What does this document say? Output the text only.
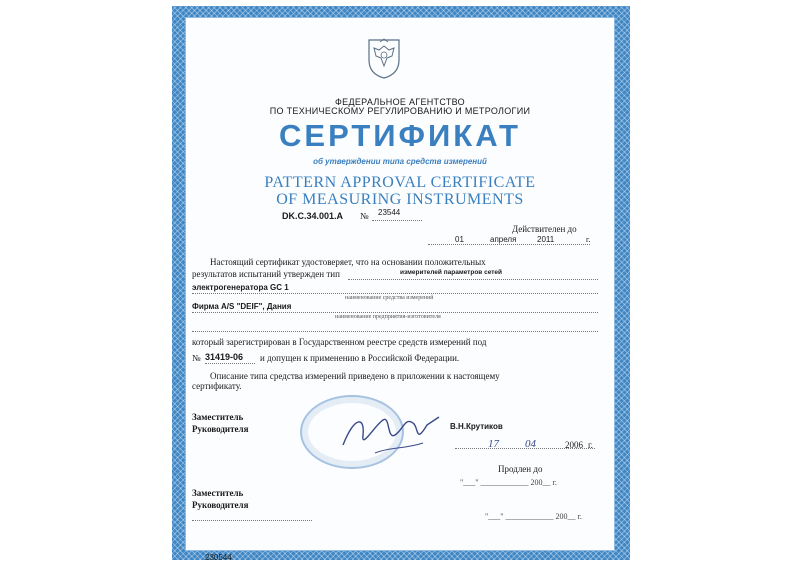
ФЕДЕРАЛЬНОЕ АГЕНТСТВО
ПО ТЕХНИЧЕСКОМУ РЕГУЛИРОВАНИЮ И МЕТРОЛОГИИ
СЕРТИФИКАТ
об утверждении типа средств измерений
PATTERN APPROVAL CERTIFICATE
OF MEASURING INSTRUMENTS
DK.C.34.001.A № 23544
Действителен до
01	апреля	2011	г.
Настоящий сертификат удостоверяет, что на основании положительных
результатов испытаний утвержден тип	измерителей параметров сетей
электрогенератора GC 1
наименование средства измерений
Фирма A/S "DEIF", Дания
наименование предприятия-изготовителя
который зарегистрирован в Государственном реестре средств измерений под
№ 31419-06 и допущен к применению в Российской Федерации.
Описание типа средства измерений приведено в приложении к настоящему
сертификату.
Заместитель
Руководителя	В.Н.Крутиков
17 04	2006 г.
Продлен до
"___" ____________ 200__ г.
Заместитель
Руководителя
"___" ____________ 200__ г.
230544
